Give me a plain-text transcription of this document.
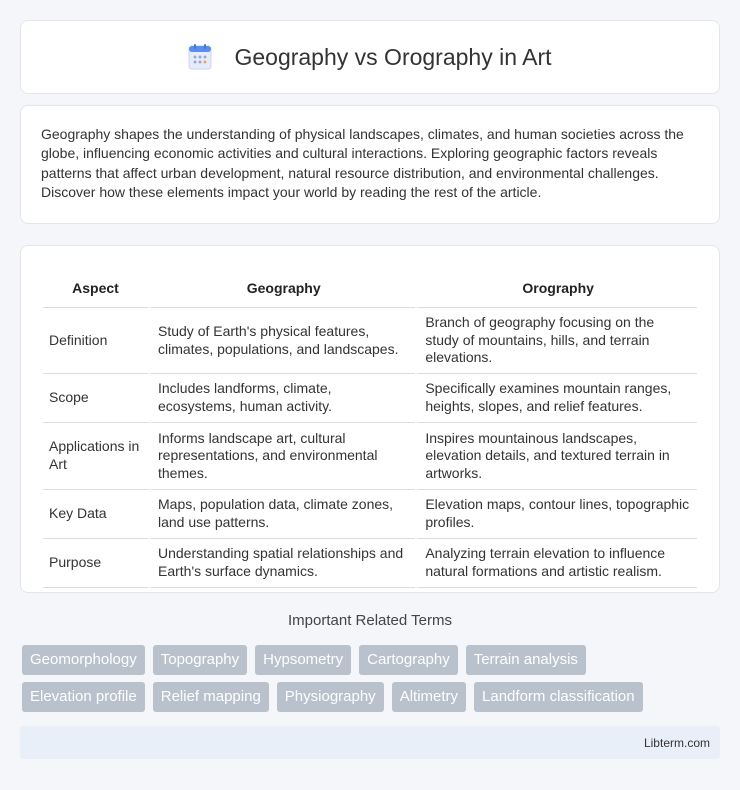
Geography vs Orography in Art

Geography shapes the understanding of physical landscapes, climates, and human societies across the globe, influencing economic activities and cultural interactions. Exploring geographic factors reveals patterns that affect urban development, natural resource distribution, and environmental challenges. Discover how these elements impact your world by reading the rest of the article.

Aspect	Geography	Orography
Definition	Study of Earth's physical features, climates, populations, and landscapes.	Branch of geography focusing on the study of mountains, hills, and terrain elevations.
Scope	Includes landforms, climate, ecosystems, human activity.	Specifically examines mountain ranges, heights, slopes, and relief features.
Applications in Art	Informs landscape art, cultural representations, and environmental themes.	Inspires mountainous landscapes, elevation details, and textured terrain in artworks.
Key Data	Maps, population data, climate zones, land use patterns.	Elevation maps, contour lines, topographic profiles.
Purpose	Understanding spatial relationships and Earth's surface dynamics.	Analyzing terrain elevation to influence natural formations and artistic realism.
Important Related Terms
Geomorphology	Topography	Hypsometry	Cartography	Terrain analysis
Elevation profile	Relief mapping	Physiography	Altimetry	Landform classification
Libterm.com
